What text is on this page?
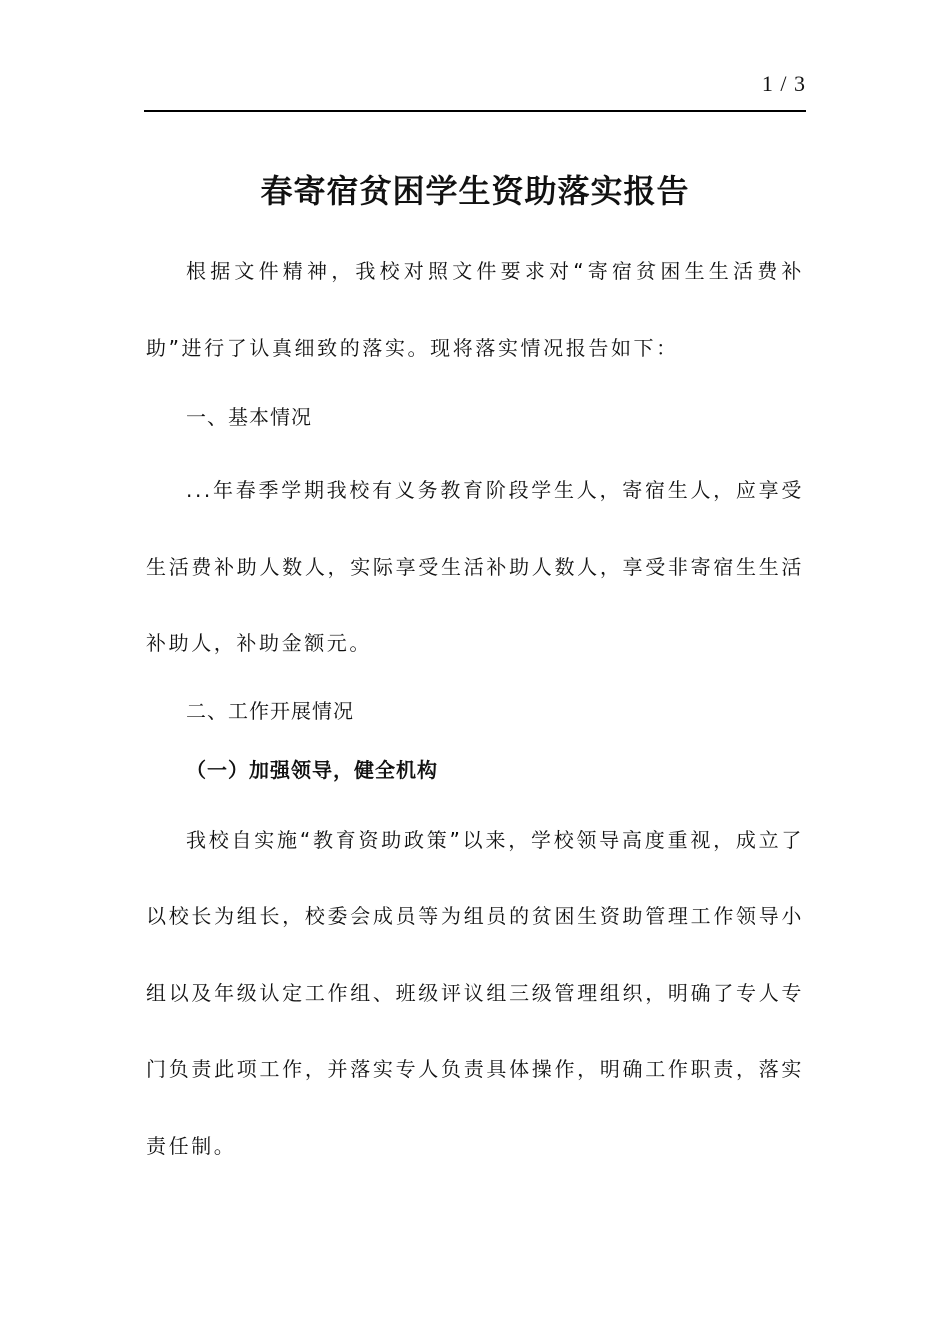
1 / 3
春寄宿贫困学生资助落实报告

根据文件精神，我校对照文件要求对“寄宿贫困生生活费补助”进行了认真细致的落实。现将落实情况报告如下：

一、基本情况

...年春季学期我校有义务教育阶段学生人，寄宿生人，应享受生活费补助人数人，实际享受生活补助人数人，享受非寄宿生生活补助人，补助金额元。

二、工作开展情况
（一）加强领导，健全机构

我校自实施“教育资助政策”以来，学校领导高度重视，成立了以校长为组长，校委会成员等为组员的贫困生资助管理工作领导小组以及年级认定工作组、班级评议组三级管理组织，明确了专人专门负责此项工作，并落实专人负责具体操作，明确工作职责，落实责任制。
